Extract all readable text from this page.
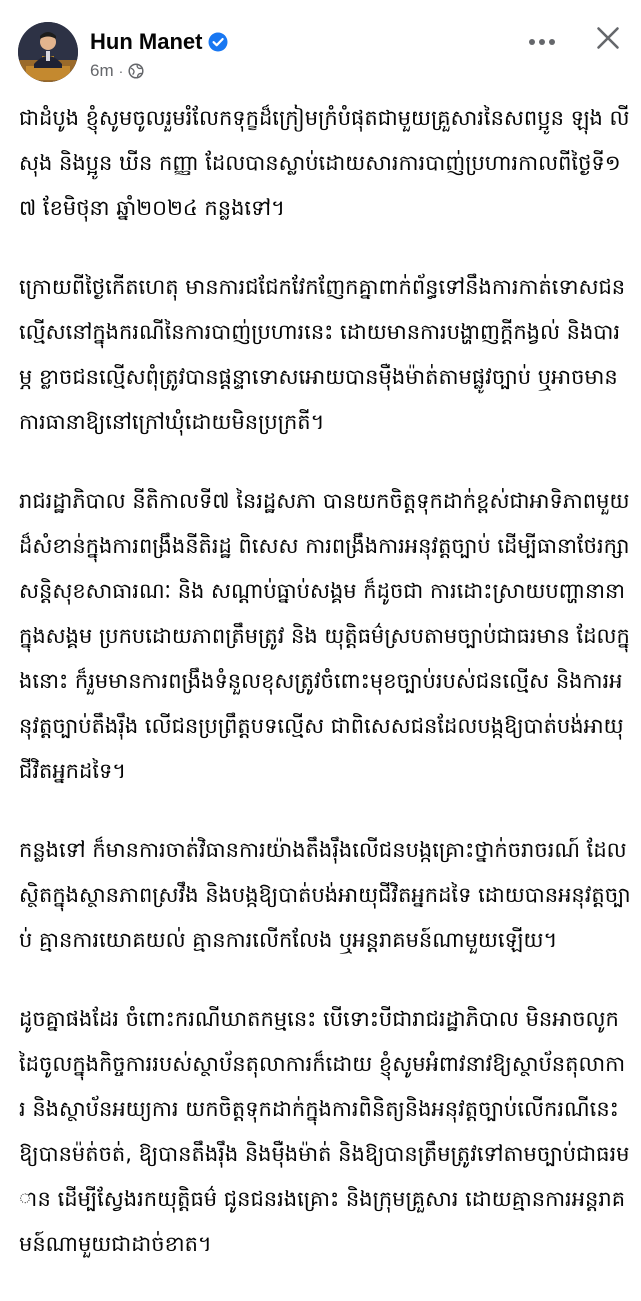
Hun Manet
6m ·

ជាដំបូង ខ្ញុំសូមចូលរួមរំលែកទុក្ខដ៏ក្រៀមក្រំបំផុតជាមួយគ្រួសារនៃសពប្អូន ឡុង លីសុង និងប្អូន ឃីន កញ្ញា ដែលបានស្លាប់ដោយសារការបាញ់ប្រហារកាលពីថ្ងៃទី១៧ ខែមិថុនា ឆ្នាំ២០២៤ កន្លងទៅ។

ក្រោយពីថ្ងៃកើតហេតុ មានការជជែកវែកញែកគ្នាពាក់ព័ន្ធទៅនឹងការកាត់ទោសជនល្មើសនៅក្នុងករណីនៃការបាញ់ប្រហារនេះ ដោយមានការបង្ហាញក្តីកង្វល់ និងបារម្ភ ខ្លាចជនល្មើសពុំត្រូវបានផ្តន្ទាទោសអោយបានម៉ឺងម៉ាត់តាមផ្លូវច្បាប់ ឬអាចមានការធានាឱ្យនៅក្រៅឃុំដោយមិនប្រក្រតី។

រាជរដ្ឋាភិបាល នីតិកាលទី៧ នៃរដ្ឋសភា បានយកចិត្តទុកដាក់ខ្ពស់ជាអាទិភាពមួយដ៏សំខាន់ក្នុងការពង្រឹងនីតិរដ្ឋ ពិសេស ការពង្រឹងការអនុវត្តច្បាប់ ដើម្បីធានាថែរក្សាសន្តិសុខសាធារណៈ និង សណ្តាប់ធ្នាប់សង្គម ក៏ដូចជា ការដោះស្រាយបញ្ហានានាក្នុងសង្គម ប្រកបដោយភាពត្រឹមត្រូវ និង យុត្តិធម៌ស្របតាមច្បាប់ជាធរមាន ដែលក្នុងនោះ ក៏រួមមានការពង្រឹងទំនួលខុសត្រូវចំពោះមុខច្បាប់របស់ជនល្មើស និងការអនុវត្តច្បាប់តឹងរ៉ឹង លើជនប្រព្រឹត្តបទល្មើស ជាពិសេសជនដែលបង្កឱ្យបាត់បង់អាយុជីវិតអ្នកដទៃ។

កន្លងទៅ ក៏មានការចាត់វិធានការយ៉ាងតឹងរ៉ឹងលើជនបង្កគ្រោះថ្នាក់ចរាចរណ៍ ដែលស្ថិតក្នុងស្ថានភាពស្រវឹង និងបង្កឱ្យបាត់បង់អាយុជីវិតអ្នកដទៃ ដោយបានអនុវត្តច្បាប់ គ្មានការយោគយល់ គ្មានការលើកលែង ឬអន្តរាគមន៍ណាមួយឡើយ។

ដូចគ្នាផងដែរ ចំពោះករណីឃាតកម្មនេះ បើទោះបីជារាជរដ្ឋាភិបាល មិនអាចលូកដៃចូលក្នុងកិច្ចការរបស់ស្ថាប័នតុលាការក៏ដោយ ខ្ញុំសូមអំពាវនាវឱ្យស្ថាប័នតុលាការ និងស្ថាប័នអយ្យការ យកចិត្តទុកដាក់ក្នុងការពិនិត្យនិងអនុវត្តច្បាប់លើករណីនេះ ឱ្យបានម៉ត់ចត់, ឱ្យបានតឹងរ៉ឹង និងម៉ឺងម៉ាត់ និងឱ្យបានត្រឹមត្រូវទៅតាមច្បាប់ជាធរមាន ដើម្បីស្វែងរកយុត្តិធម៌ ជូនជនរងគ្រោះ និងក្រុមគ្រួសារ ដោយគ្មានការអន្តរាគមន៍ណាមួយជាដាច់ខាត។
